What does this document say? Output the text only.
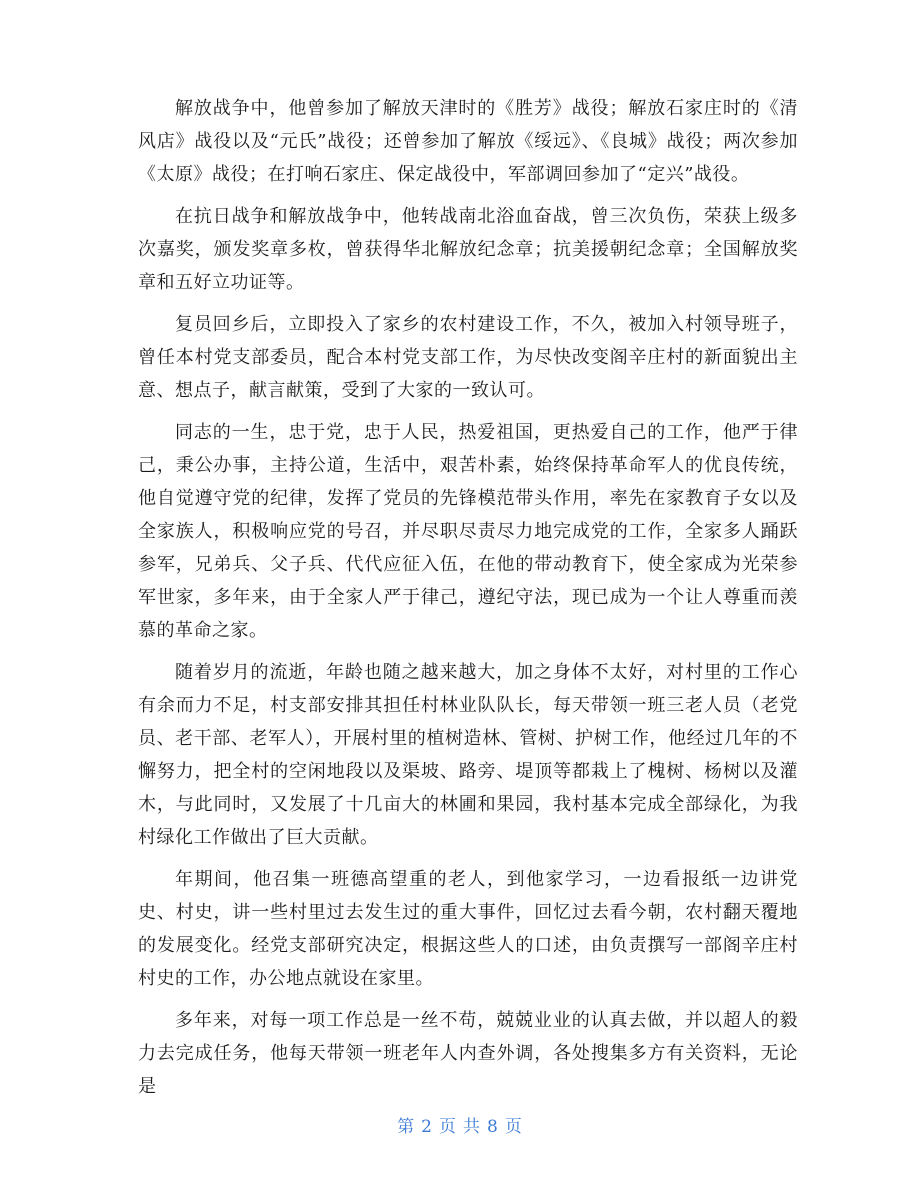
解放战争中，他曾参加了解放天津时的《胜芳》战役；解放石家庄时的《清风店》战役以及“元氏”战役；还曾参加了解放《绥远》、《良城》战役；两次参加《太原》战役；在打响石家庄、保定战役中，军部调回参加了“定兴”战役。

在抗日战争和解放战争中，他转战南北浴血奋战，曾三次负伤，荣获上级多次嘉奖，颁发奖章多枚，曾获得华北解放纪念章；抗美援朝纪念章；全国解放奖章和五好立功证等。

复员回乡后，立即投入了家乡的农村建设工作，不久，被加入村领导班子，曾任本村党支部委员，配合本村党支部工作，为尽快改变阁辛庄村的新面貌出主意、想点子，献言献策，受到了大家的一致认可。

同志的一生，忠于党，忠于人民，热爱祖国，更热爱自己的工作，他严于律己，秉公办事，主持公道，生活中，艰苦朴素，始终保持革命军人的优良传统，他自觉遵守党的纪律，发挥了党员的先锋模范带头作用，率先在家教育子女以及全家族人，积极响应党的号召，并尽职尽责尽力地完成党的工作，全家多人踊跃参军，兄弟兵、父子兵、代代应征入伍，在他的带动教育下，使全家成为光荣参军世家，多年来，由于全家人严于律己，遵纪守法，现已成为一个让人尊重而羡慕的革命之家。

随着岁月的流逝，年龄也随之越来越大，加之身体不太好，对村里的工作心有余而力不足，村支部安排其担任村林业队队长，每天带领一班三老人员（老党员、老干部、老军人），开展村里的植树造林、管树、护树工作，他经过几年的不懈努力，把全村的空闲地段以及渠坡、路旁、堤顶等都栽上了槐树、杨树以及灌木，与此同时，又发展了十几亩大的林圃和果园，我村基本完成全部绿化，为我村绿化工作做出了巨大贡献。

年期间，他召集一班德高望重的老人，到他家学习，一边看报纸一边讲党史、村史，讲一些村里过去发生过的重大事件，回忆过去看今朝，农村翻天覆地的发展变化。经党支部研究决定，根据这些人的口述，由负责撰写一部阁辛庄村村史的工作，办公地点就设在家里。

多年来，对每一项工作总是一丝不苟，兢兢业业的认真去做，并以超人的毅力去完成任务，他每天带领一班老年人内查外调，各处搜集多方有关资料，无论是

第 2 页 共 8 页
